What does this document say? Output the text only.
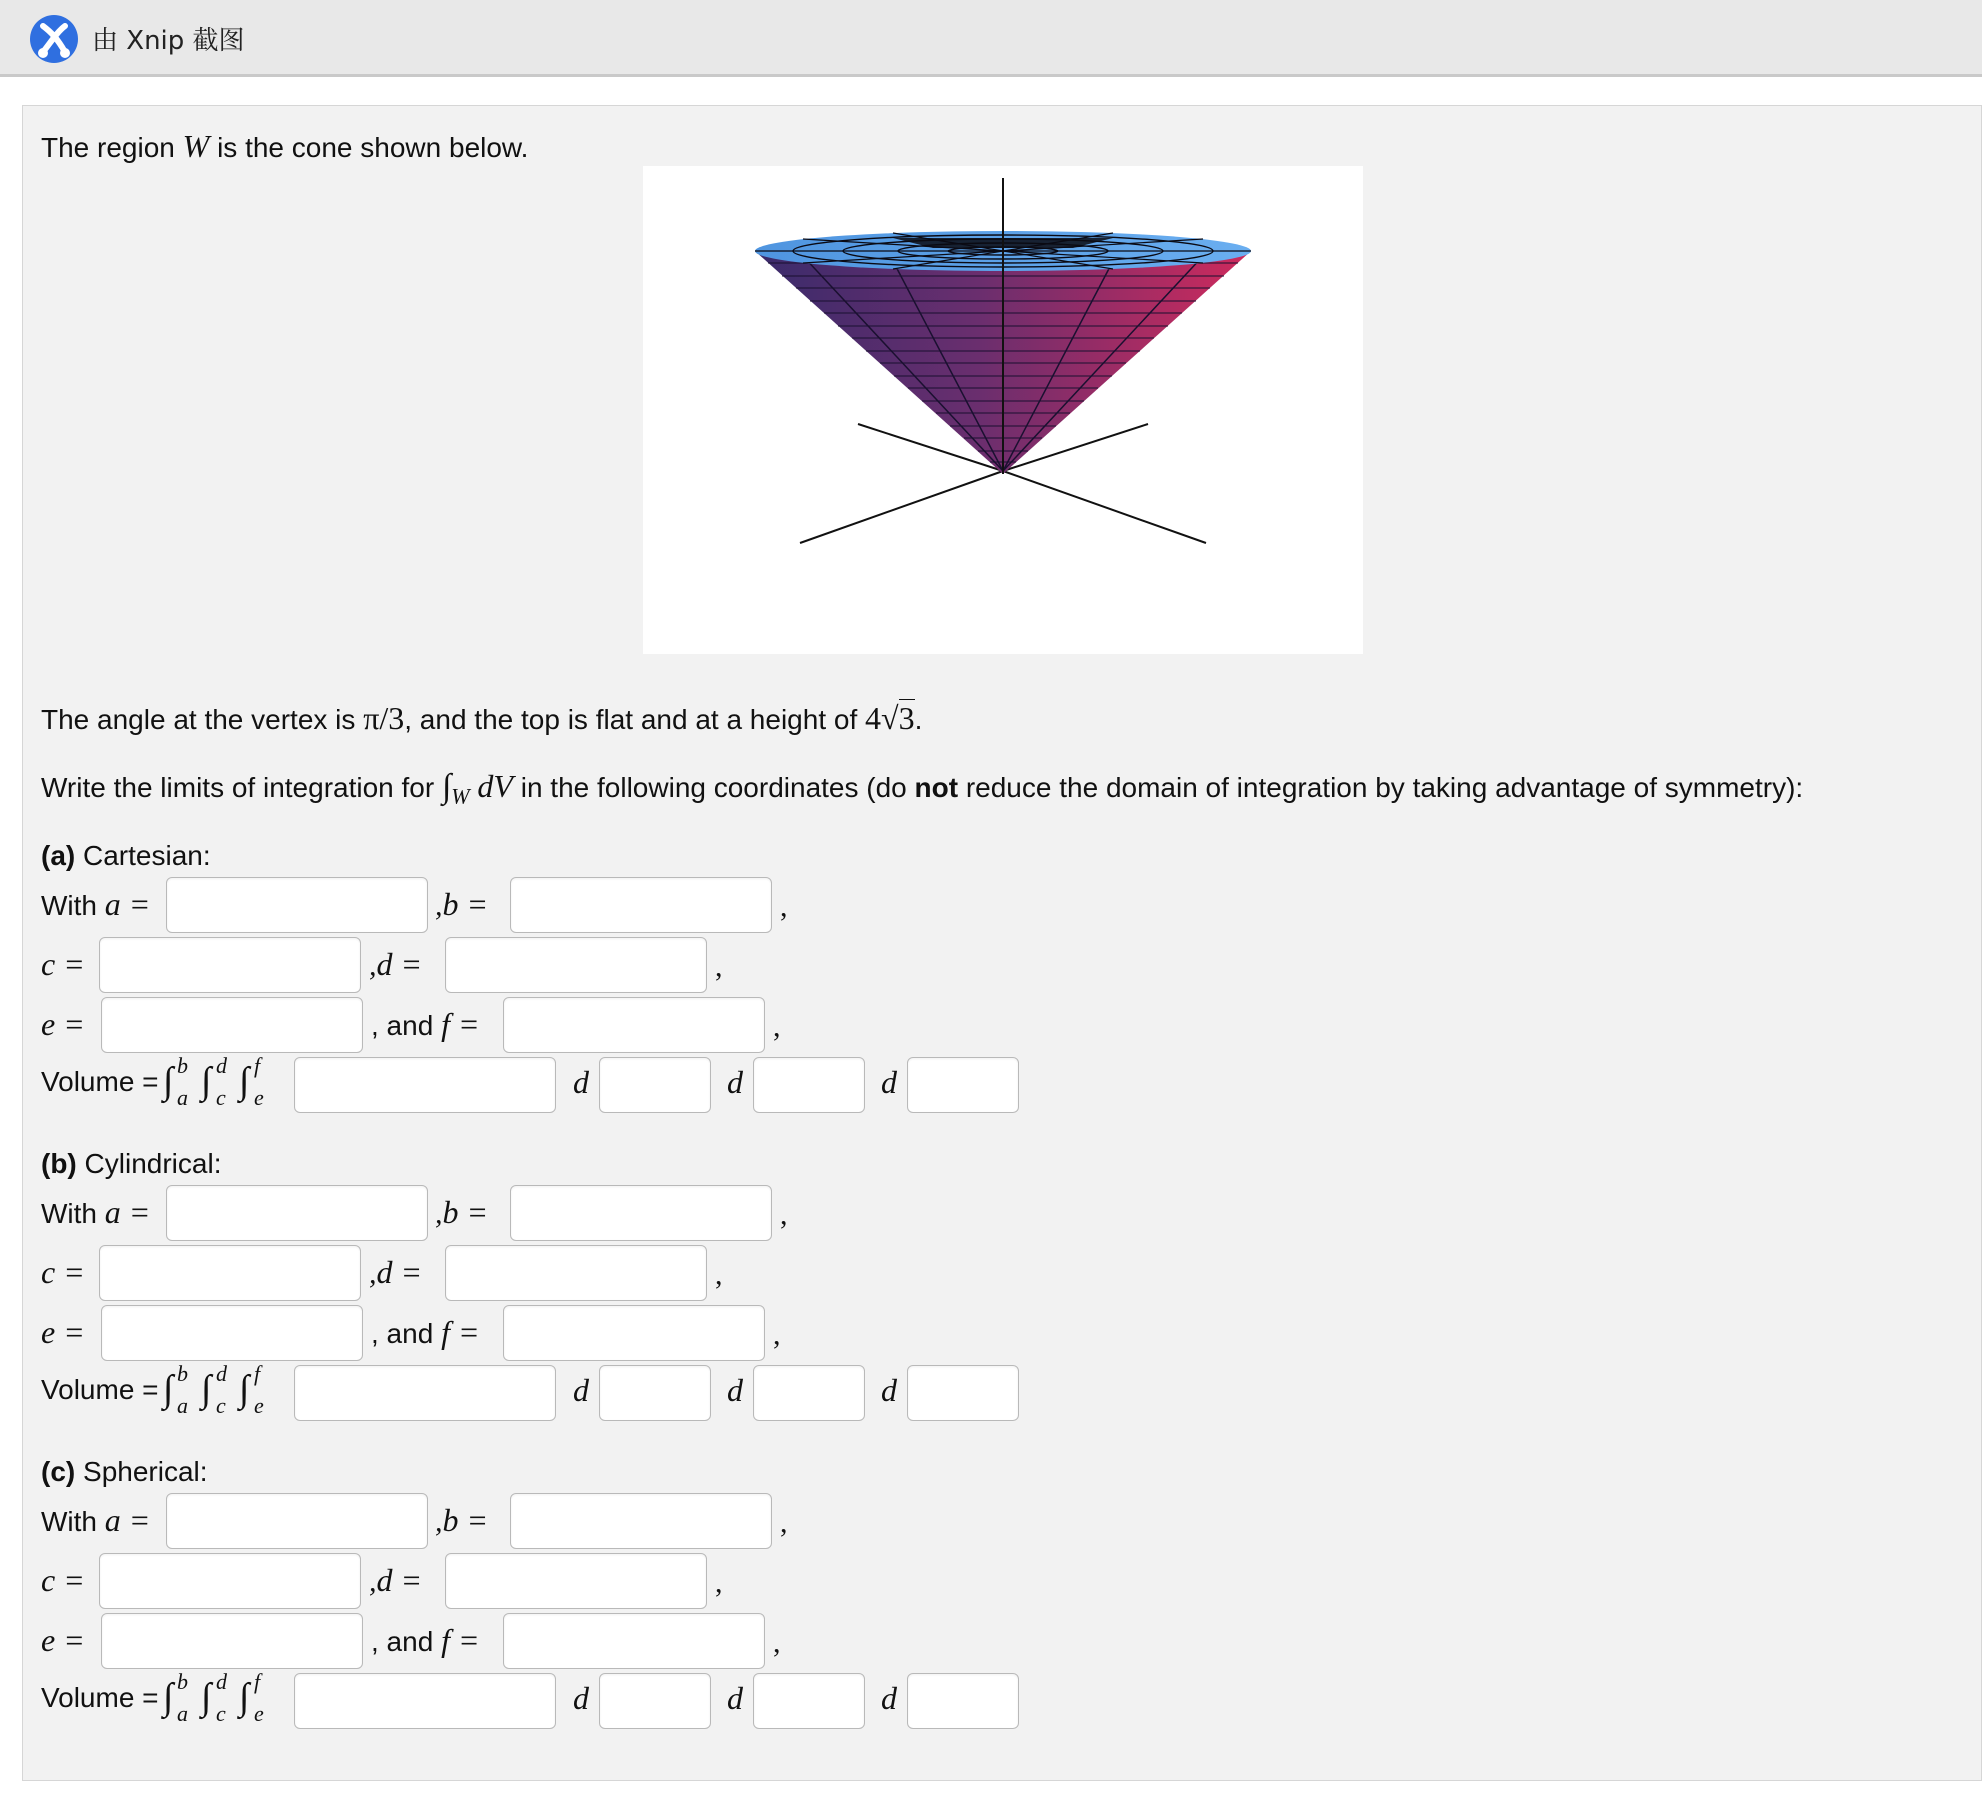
由 Xnip 截图
The region W is the cone shown below.
The angle at the vertex is π/3, and the top is flat and at a height of 4√3.
Write the limits of integration for $\int_W$ dV in the following coordinates (do not reduce the domain of integration by taking advantage of symmetry):
(a) Cartesian:
With a =	,b =	,
c =	,d =	,
e =	, and f =	,
Volume = ∫ b
a ∫ d
c ∫ f
e	d	d	d
(b) Cylindrical:
With a =	,b =	,
c =	,d =	,
e =	, and f =	,
Volume = ∫ b
a ∫ d
c ∫ f
e	d	d	d
(c) Spherical:
With a =	,b =	,
c =	,d =	,
e =	, and f =	,
Volume = ∫ b
a ∫ d
c ∫ f
e	d	d	d
